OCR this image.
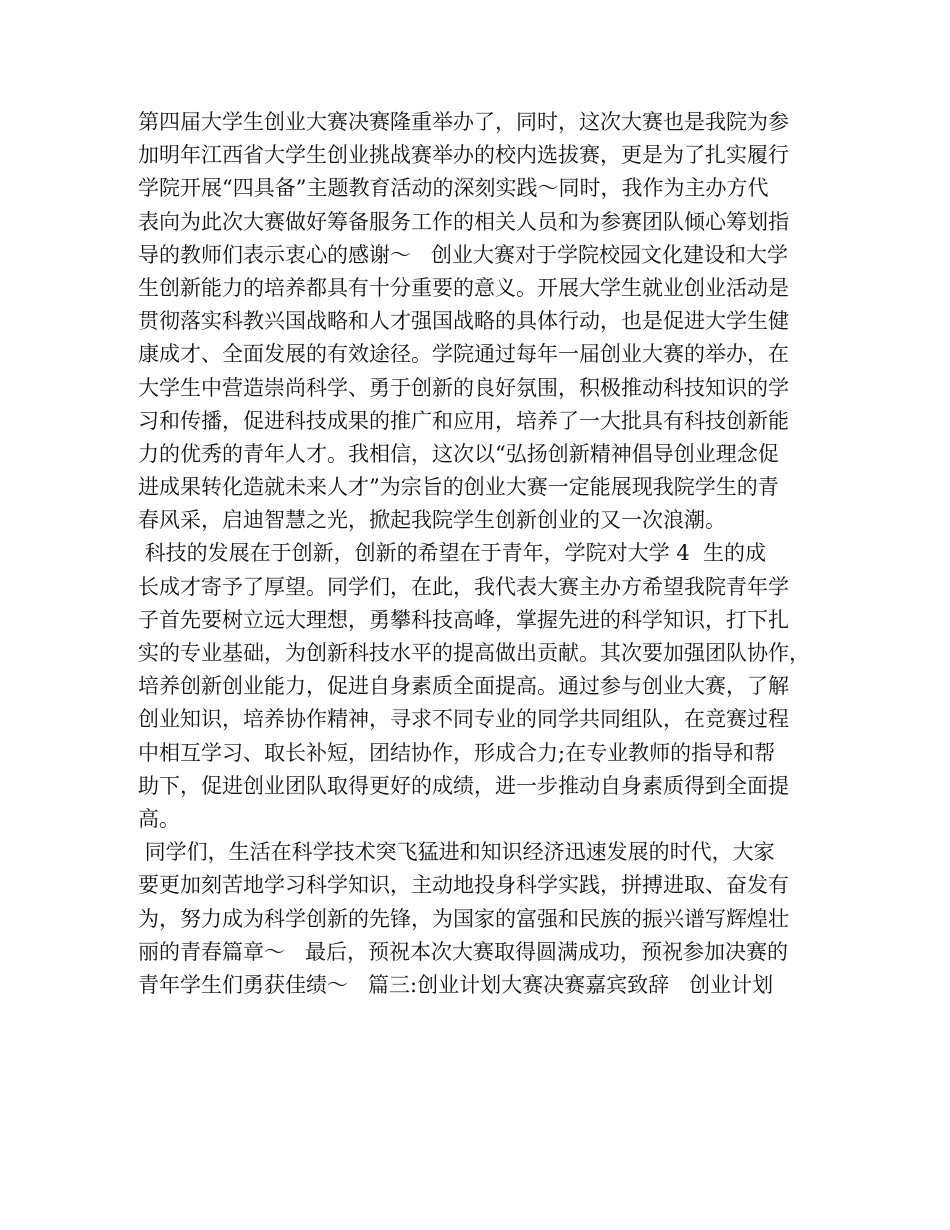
第四届大学生创业大赛决赛隆重举办了，同时，这次大赛也是我院为参
加明年江西省大学生创业挑战赛举办的校内选拔赛，更是为了扎实履行
学院开展“四具备”主题教育活动的深刻实践～同时，我作为主办方代
表向为此次大赛做好筹备服务工作的相关人员和为参赛团队倾心筹划指
导的教师们表示衷心的感谢～   创业大赛对于学院校园文化建设和大学
生创新能力的培养都具有十分重要的意义。开展大学生就业创业活动是
贯彻落实科教兴国战略和人才强国战略的具体行动，也是促进大学生健
康成才、全面发展的有效途径。学院通过每年一届创业大赛的举办，在
大学生中营造崇尚科学、勇于创新的良好氛围，积极推动科技知识的学
习和传播，促进科技成果的推广和应用，培养了一大批具有科技创新能
力的优秀的青年人才。我相信，这次以“弘扬创新精神倡导创业理念促
进成果转化造就未来人才”为宗旨的创业大赛一定能展现我院学生的青
春风采，启迪智慧之光，掀起我院学生创新创业的又一次浪潮。
科技的发展在于创新，创新的希望在于青年，学院对大学 4  生的成
长成才寄予了厚望。同学们，在此，我代表大赛主办方希望我院青年学
子首先要树立远大理想，勇攀科技高峰，掌握先进的科学知识，打下扎
实的专业基础，为创新科技水平的提高做出贡献。其次要加强团队协作，
培养创新创业能力，促进自身素质全面提高。通过参与创业大赛，了解
创业知识，培养协作精神，寻求不同专业的同学共同组队，在竞赛过程
中相互学习、取长补短，团结协作，形成合力;在专业教师的指导和帮
助下，促进创业团队取得更好的成绩，进一步推动自身素质得到全面提
高。
同学们，生活在科学技术突飞猛进和知识经济迅速发展的时代，大家
要更加刻苦地学习科学知识，主动地投身科学实践，拼搏进取、奋发有
为，努力成为科学创新的先锋，为国家的富强和民族的振兴谱写辉煌壮
丽的青春篇章～   最后，预祝本次大赛取得圆满成功，预祝参加决赛的
青年学生们勇获佳绩～   篇三:创业计划大赛决赛嘉宾致辞   创业计划
